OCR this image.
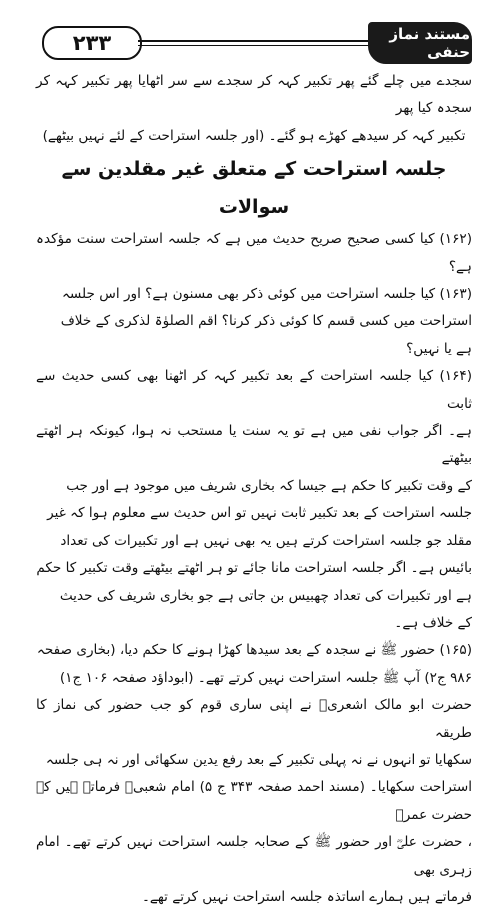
۲۳۳	مستند نماز حنفی

سجدے میں چلے گئے پھر تکبیر کہہ کر سجدے سے سر اٹھایا پھر تکبیر کہہ کر سجدہ کیا پھر

تکبیر کہہ کر سیدھے کھڑے ہو گئے۔ (اور جلسہ استراحت کے لئے نہیں بیٹھے)

جلسہ استراحت کے متعلق غیر مقلدین سے سوالات

(۱۶۲) کیا کسی صحیح صریح حدیث میں ہے کہ جلسہ استراحت سنت مؤکدہ ہے؟

(۱۶۳) کیا جلسہ استراحت میں کوئی ذکر بھی مسنون ہے؟ اور اس جلسہ

استراحت میں کسی قسم کا کوئی ذکر کرنا؟ اقم الصلوٰۃ لذکری کے خلاف

ہے یا نہیں؟

(۱۶۴) کیا جلسہ استراحت کے بعد تکبیر کہہ کر اٹھنا بھی کسی حدیث سے ثابت

ہے۔ اگر جواب نفی میں ہے تو یہ سنت یا مستحب نہ ہوا، کیونکہ ہر اٹھتے بیٹھتے

کے وقت تکبیر کا حکم ہے جیسا کہ بخاری شریف میں موجود ہے اور جب

جلسہ استراحت کے بعد تکبیر ثابت نہیں تو اس حدیث سے معلوم ہوا کہ غیر

مقلد جو جلسہ استراحت کرتے ہیں یہ بھی نہیں ہے اور تکبیرات کی تعداد

بائیس ہے۔ اگر جلسہ استراحت مانا جائے تو ہر اٹھتے بیٹھتے وقت تکبیر کا حکم

ہے اور تکبیرات کی تعداد چھبیس بن جاتی ہے جو بخاری شریف کی حدیث

کے خلاف ہے۔

(۱۶۵) حضور ﷺ نے سجدہ کے بعد سیدھا کھڑا ہونے کا حکم دیا، (بخاری صفحہ

۹۸۶ ج۲) آپ ﷺ جلسہ استراحت نہیں کرتے تھے۔ (ابوداؤد صفحہ ۱۰۶ ج۱)

حضرت ابو مالک اشعریؓ نے اپنی ساری قوم کو جب حضور کی نماز کا طریقہ

سکھایا تو انہوں نے نہ پہلی تکبیر کے بعد رفع یدین سکھائی اور نہ ہی جلسہ

استراحت سکھایا۔ (مسند احمد صفحہ ۳۴۳ ج ۵) امام شعبیؒ فرماتے ہیں کہ حضرت عمرؓ

، حضرت علیؓ اور حضور ﷺ کے صحابہ جلسہ استراحت نہیں کرتے تھے۔ امام زہری بھی

فرماتے ہیں ہمارے اساتذہ جلسہ استراحت نہیں کرتے تھے۔
